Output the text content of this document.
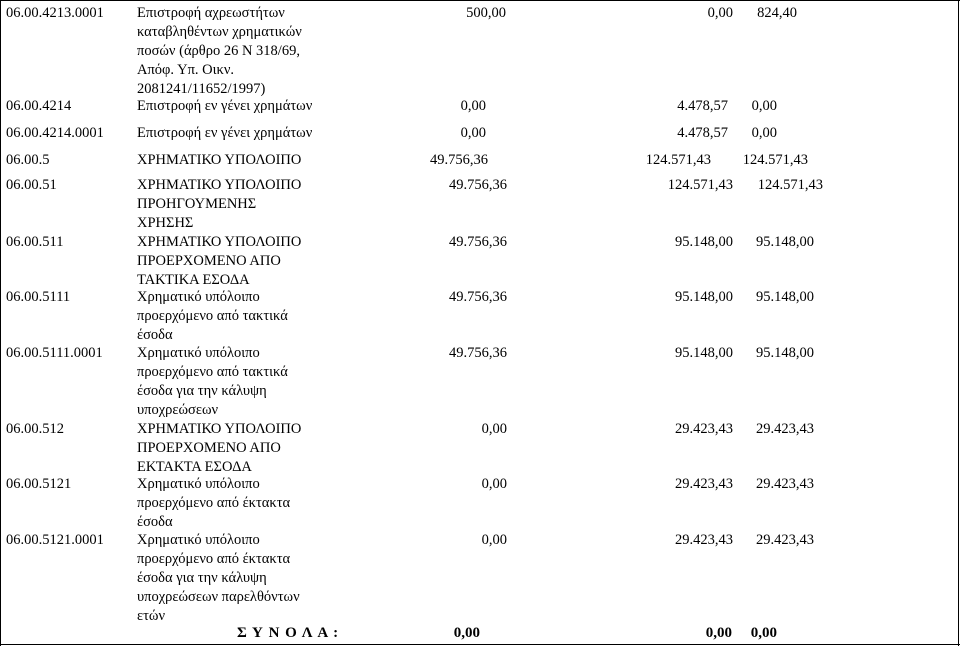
06.00.4213.0001 Επιστροφή αχρεωστήτων
καταβληθέντων χρηματικών
ποσών (άρθρο 26 Ν 318/69,
Απόφ. Υπ. Οικν.
2081241/11652/1997)
500,00	0,00 824,40
06.00.4214	Επιστροφή εν γένει χρημάτων	0,00	4.478,57 0,00
06.00.4214.0001 Επιστροφή εν γένει χρημάτων	0,00	4.478,57 0,00
06.00.5	ΧΡΗΜΑΤΙΚΟ ΥΠΟΛΟΙΠΟ	49.756,36	124.571,43 124.571,43
06.00.51	ΧΡΗΜΑΤΙΚΟ ΥΠΟΛΟΙΠΟ
ΠΡΟΗΓΟΥΜΕΝΗΣ
ΧΡΗΣΗΣ
49.756,36	124.571,43 124.571,43
06.00.511	ΧΡΗΜΑΤΙΚΟ ΥΠΟΛΟΙΠΟ
ΠΡΟΕΡΧΟΜΕΝΟ ΑΠΟ
ΤΑΚΤΙΚΑ ΕΣΟΔΑ
49.756,36	95.148,00 95.148,00
06.00.5111	Χρηματικό υπόλοιπο
προερχόμενο από τακτικά
έσοδα
49.756,36	95.148,00 95.148,00
06.00.5111.0001 Χρηματικό υπόλοιπο
προερχόμενο από τακτικά
έσοδα για την κάλυψη
υποχρεώσεων
49.756,36	95.148,00 95.148,00
06.00.512	ΧΡΗΜΑΤΙΚΟ ΥΠΟΛΟΙΠΟ
ΠΡΟΕΡΧΟΜΕΝΟ ΑΠΟ
ΕΚΤΑΚΤΑ ΕΣΟΔΑ
0,00	29.423,43 29.423,43
06.00.5121	Χρηματικό υπόλοιπο
προερχόμενο από έκτακτα
έσοδα
0,00	29.423,43 29.423,43
06.00.5121.0001 Χρηματικό υπόλοιπο
προερχόμενο από έκτακτα
έσοδα για την κάλυψη
υποχρεώσεων παρελθόντων
ετών
0,00	29.423,43 29.423,43
Σ Υ Ν Ο Λ Α :	0,00	0,00 0,00
